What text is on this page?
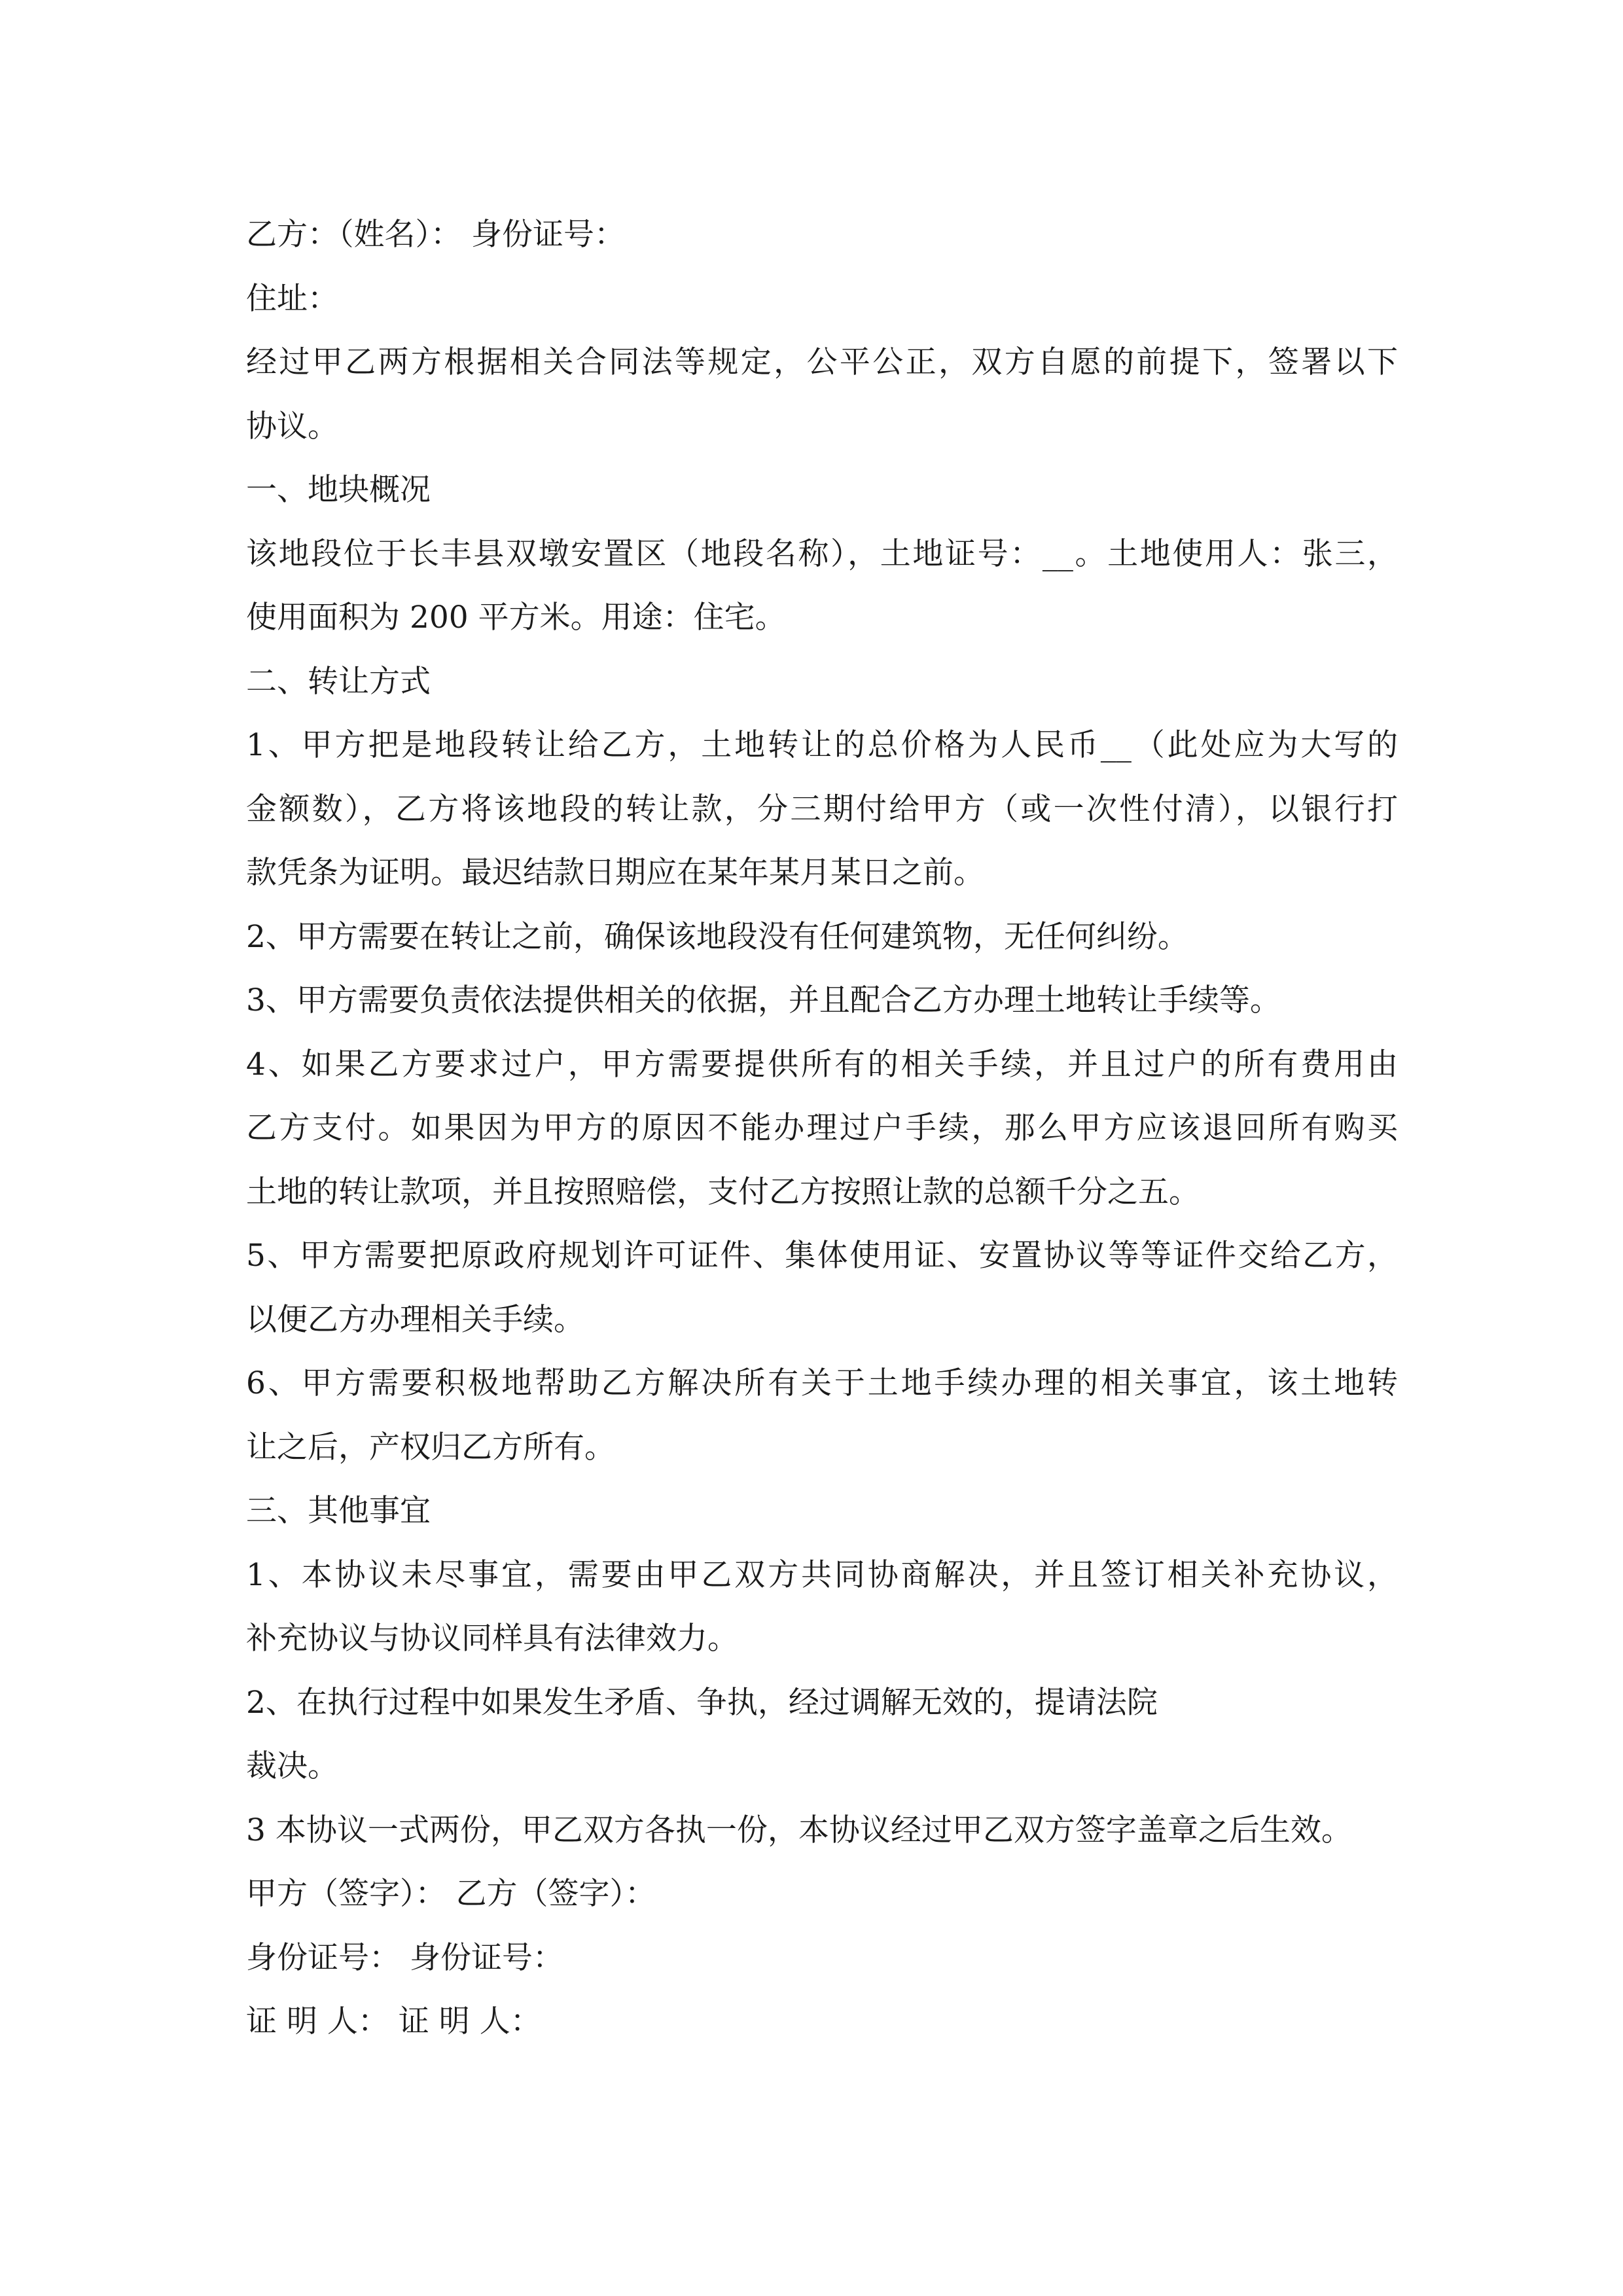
乙方：（姓名）： 身份证号：
住址：
经过甲乙两方根据相关合同法等规定，公平公正，双方自愿的前提下，签署以下
协议。
一、地块概况
该地段位于长丰县双墩安置区（地段名称），土地证号：__。土地使用人：张三，
使用面积为 200 平方米。用途：住宅。
二、转让方式
1、甲方把是地段转让给乙方，土地转让的总价格为人民币__（此处应为大写的
金额数），乙方将该地段的转让款，分三期付给甲方（或一次性付清），以银行打
款凭条为证明。最迟结款日期应在某年某月某日之前。
2、甲方需要在转让之前，确保该地段没有任何建筑物，无任何纠纷。
3、甲方需要负责依法提供相关的依据，并且配合乙方办理土地转让手续等。
4、如果乙方要求过户，甲方需要提供所有的相关手续，并且过户的所有费用由
乙方支付。如果因为甲方的原因不能办理过户手续，那么甲方应该退回所有购买
土地的转让款项，并且按照赔偿，支付乙方按照让款的总额千分之五。
5、甲方需要把原政府规划许可证件、集体使用证、安置协议等等证件交给乙方，
以便乙方办理相关手续。
6、甲方需要积极地帮助乙方解决所有关于土地手续办理的相关事宜，该土地转
让之后，产权归乙方所有。
三、其他事宜
1、本协议未尽事宜，需要由甲乙双方共同协商解决，并且签订相关补充协议，
补充协议与协议同样具有法律效力。
2、在执行过程中如果发生矛盾、争执，经过调解无效的，提请法院
裁决。
3 本协议一式两份，甲乙双方各执一份，本协议经过甲乙双方签字盖章之后生效。
甲方（签字）： 乙方（签字）：
身份证号： 身份证号：
证 明 人： 证 明 人：
